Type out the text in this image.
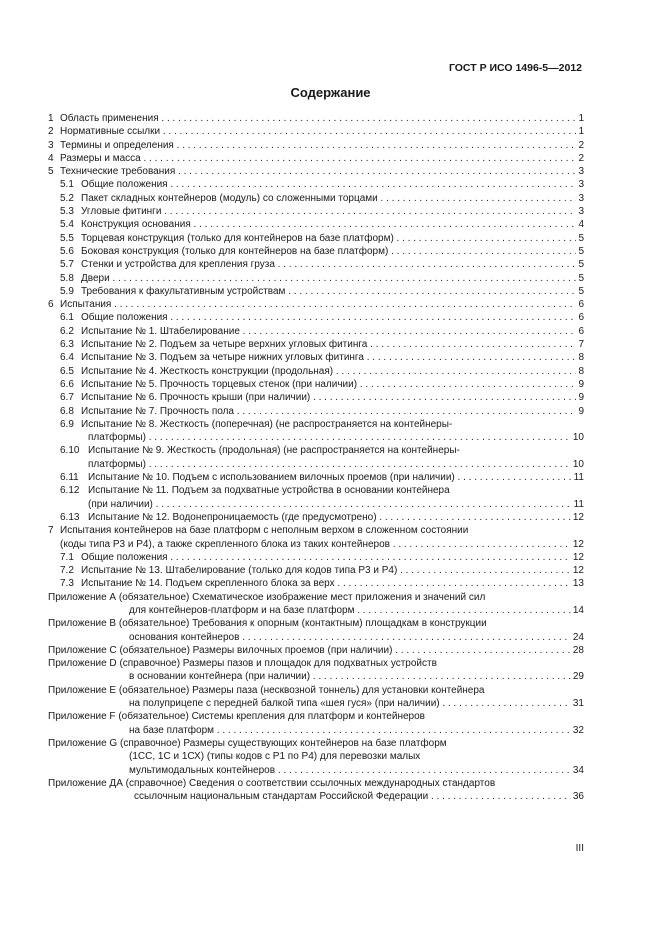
ГОСТ Р ИСО 1496-5—2012
Содержание

1 Область применения . . .	1

2 Нормативные ссылки . . .	1

3 Термины и определения . . .	2

4 Размеры и масса . . .	2

5 Технические требования . . .	3

5.1 Общие положения . . .	3

5.2 Пакет складных контейнеров (модуль) со сложенными торцами . . .	3

5.3 Угловые фитинги . . .	3

5.4 Конструкция основания . . .	4

5.5 Торцевая конструкция (только для контейнеров на базе платформ) . . .	5

5.6 Боковая конструкция (только для контейнеров на базе платформ) . . .	5

5.7 Стенки и устройства для крепления груза . . .	5

5.8 Двери . . .	5

5.9 Требования к факультативным устройствам . . .	5

6 Испытания . . .	6

6.1 Общие положения . . .	6

6.2 Испытание № 1. Штабелирование . . .	6

6.3 Испытание № 2. Подъем за четыре верхних угловых фитинга . . .	7

6.4 Испытание № 3. Подъем за четыре нижних угловых фитинга . . .	8

6.5 Испытание № 4. Жесткость конструкции (продольная) . . .	8

6.6 Испытание № 5. Прочность торцевых стенок (при наличии) . . .	9

6.7 Испытание № 6. Прочность крыши (при наличии) . . .	9

6.8 Испытание № 7. Прочность пола . . .	9

6.9 Испытание № 8. Жесткость (поперечная) (не распространяется на контейнеры-

платформы) . . .	10

6.10 Испытание № 9. Жесткость (продольная) (не распространяется на контейнеры-

платформы) . . .	10

6.11 Испытание № 10. Подъем с использованием вилочных проемов (при наличии) . . .	11

6.12 Испытание № 11. Подъем за подхватные устройства в основании контейнера

(при наличии) . . .	11

6.13 Испытание № 12. Водонепроницаемость (где предусмотрено) . . .	12

7 Испытания контейнеров на базе платформ с неполным верхом в сложенном состоянии

(коды типа Р3 и Р4), а также скрепленного блока из таких контейнеров . . .	12

7.1 Общие положения . . .	12

7.2 Испытание № 13. Штабелирование (только для кодов типа Р3 и Р4) . . .	12

7.3 Испытание № 14. Подъем скрепленного блока за верх . . .	13

Приложение А (обязательное) Схематическое изображение мест приложения и значений сил

для контейнеров-платформ и на базе платформ . . .	14

Приложение В (обязательное) Требования к опорным (контактным) площадкам в конструкции

основания контейнеров . . .	24

Приложение С (обязательное) Размеры вилочных проемов (при наличии) . . .	28

Приложение D (справочное) Размеры пазов и площадок для подхватных устройств

в основании контейнера (при наличии) . . .	29

Приложение Е (обязательное) Размеры паза (несквозной тоннель) для установки контейнера

на полуприцепе с передней балкой типа «шея гуся» (при наличии) . . .	31

Приложение F (обязательное) Системы крепления для платформ и контейнеров

на базе платформ . . .	32

Приложение G (справочное) Размеры существующих контейнеров на базе платформ

(1СС, 1С и 1СХ) (типы кодов с Р1 по Р4) для перевозки малых

мультимодальных контейнеров . . .	34

Приложение ДА (справочное) Сведения о соответствии ссылочных международных стандартов

ссылочным национальным стандартам Российской Федерации . . .	36

III
